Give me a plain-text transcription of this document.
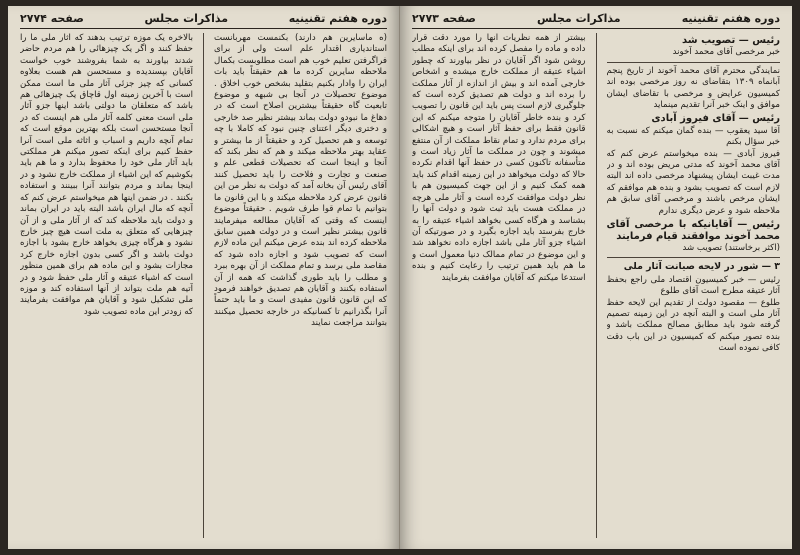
دوره هفتم تقنینیه
مذاکرات مجلس
صفحه ۲۷۷۴

(ه ماسایرین هم دارند) بکنمست مهربانست استاندیاری اقتدار علم است ولی از برای فراگرفتن تعلیم خوب هم است مطلوبست بکمال ملاحظه سایرین کرده ما هم حقیقتاً باید بات ایران را وادار بکنیم بتقلید بشخص خوب اخلاق . موضوع تحصیلات در آنجا بی شبهه و موضوع تابعیت گاه حقیقتاً بیشترین اصلاح است که در دهاغ ما نبودو دولت بماند بیشتر نظیر صد خارجی و دختری دیگر اعتنای چنین نبود که کاملا با چه توسعه و هم تحصیل کرد و حقیقتاً از ما بیشتر و عقاید بهتر ملاحظه میکند و هم که نظر بکند که آنجا و اینجا است که تحصیلات قطعی علم و صنعت و تجارت و فلاحت را باید تحصیل کنند آقای رئیس آن بخانه آمد که دولت به نظر من این قانون عرض کرد ملاحظه میکند و با این قانون ما بتوانیم با تمام قوا طرف شویم . حقیقتاً موضوع اینست که وقتی که آقایان مطالعه میفرمایند قانون بیشتر نظیر است و در دولت همین سابق ملاحظه کرده اند بنده عرض میکنم این ماده لازم است که تصویب شود و اجازه داده شود که مقاصد ملی برسد و تمام مملکت از آن بهره ببرد و مطلب را باید طوری گذاشت که همه از آن استفاده بکنند و آقایان هم تصدیق خواهند فرمود که این قانون قانون مفیدی است و ما باید حتماً آنرا بگذرانیم تا کسانیکه در خارجه تحصیل میکنند بتوانند مراجعت نمایند

بالاخره یک موزه ترتیب بدهند که آثار ملی ما را حفظ کنند و اگر یک چیزهائی را هم مردم حاضر شدند بیاورند به شما بفروشند خوب خواست آقایان بپسندیده و مستحسن هم هست بعلاوه کسانی که چیز جزئی آثار ملی ما است ممکن است با آخرین زمینه اول قاچاق یک چیزهائی هم باشد که متعلقان ما دولتی باشد اینها جزو آثار ملی است معنی کلمه آثار ملی هم اینست که در آنجا مستحسن است بلکه بهترین موقع است که تمام آنچه داریم و اسباب و اثاثه ملی است آنرا حفظ کنیم برای اینکه تصور میکنم هر مملکتی باید آثار ملی خود را محفوظ بدارد و ما هم باید بکوشیم که این اشیاء از مملکت خارج نشود و در اینجا بماند و مردم بتوانند آنرا ببینند و استفاده بکنند . در ضمن اینها هم میخواستم عرض کنم که آنچه که مال ایران باشد البته باید در ایران بماند و دولت باید ملاحظه کند که از آثار ملی و از آن چیزهایی که متعلق به ملت است هیچ چیز خارج نشود و هرگاه چیزی بخواهد خارج بشود با اجازه دولت باشد و اگر کسی بدون اجازه خارج کرد مجازات بشود و این ماده هم برای همین منظور است که اشیاء عتیقه و آثار ملی حفظ شود و در آتیه هم ملت بتواند از آنها استفاده کند و موزه ملی تشکیل شود و آقایان هم موافقت بفرمایند که زودتر این ماده تصویب شود

دوره هفتم تقنینیه
مذاکرات مجلس
صفحه ۲۷۷۳
رئیس — تصویب شد

خبر مرخصی آقای محمد آخوند

نمایندگی محترم آقای محمد آخوند از تاریخ پنجم آبانماه ۱۳۰۹ بتقاضای نه روز مرخصی بوده اند کمیسیون عرایض و مرخصی با تقاضای ایشان موافق و اینک خبر آنرا تقدیم مینماید

رئیس — آقای فیروز آبادی

آقا سید یعقوب — بنده گمان میکنم که نسبت به خبر سؤال بکنم

فیروز آبادی — بنده میخواستم عرض کنم که آقای محمد آخوند که مدتی مریض بوده اند و در مدت غیبت ایشان پیشنهاد مرخصی داده اند البته لازم است که تصویب بشود و بنده هم موافقم که ایشان مرخص باشند و مرخصی آقای سابق هم ملاحظه شود و عرض دیگری ندارم

رئیس — آقایانیکه با مرخصی آقای محمد آخوند موافقند قیام فرمایند

(اکثر برخاستند) تصویب شد

۳ — شور در لایحه صیانت آثار ملی

رئیس — خبر کمیسیون اقتصاد ملی راجع بحفظ آثار عتیقه مطرح است آقای طلوع

طلوع — مقصود دولت از تقدیم این لایحه حفظ آثار ملی است و البته آنچه در این زمینه تصمیم گرفته شود باید مطابق مصالح مملکت باشد و بنده تصور میکنم که کمیسیون در این باب دقت کافی نموده است

بیشتر از همه نظریات آنها را مورد دقت قرار داده و ماده را مفصل کرده اند برای اینکه مطلب روشن شود اگر آقایان در نظر بیاورند که چطور اشیاء عتیقه از مملکت خارج میشده و اشخاص خارجی آمده اند و بیش از اندازه از آثار مملکت را برده اند و دولت هم تصدیق کرده است که جلوگیری لازم است پس باید این قانون را تصویب کرد و بنده خاطر آقایان را متوجه میکنم که این قانون فقط برای حفظ آثار است و هیچ اشکالی برای مردم ندارد و تمام نقاط مملکت از آن منتفع میشوند و چون در مملکت ما آثار زیاد است و متأسفانه تاکنون کسی در حفظ آنها اقدام نکرده حالا که دولت میخواهد در این زمینه اقدام کند باید همه کمک کنیم و از این جهت کمیسیون هم با نظر دولت موافقت کرده است و آثار ملی هرچه در مملکت هست باید ثبت شود و دولت آنها را بشناسد و هرگاه کسی بخواهد اشیاء عتیقه را به خارج بفرستد باید اجازه بگیرد و در صورتیکه آن اشیاء جزو آثار ملی باشد اجازه داده نخواهد شد و این موضوع در تمام ممالک دنیا معمول است و ما هم باید همین ترتیب را رعایت کنیم و بنده استدعا میکنم که آقایان موافقت بفرمایند
